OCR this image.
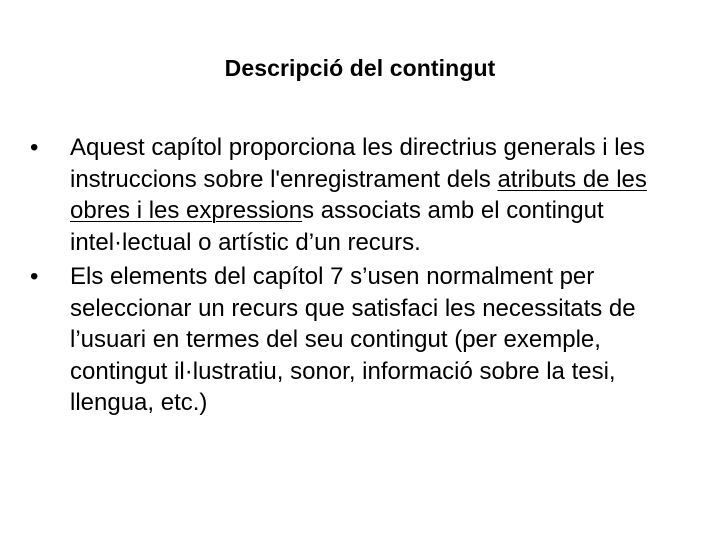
Descripció del contingut
•	Aquest capítol proporciona les directrius generals i les instruccions sobre l'enregistrament dels atributs de les obres i les expressions associats amb el contingut intel·lectual o artístic d’un recurs.
•	Els elements del capítol 7 s’usen normalment per seleccionar un recurs que satisfaci les necessitats de l’usuari en termes del seu contingut (per exemple, contingut il·lustratiu, sonor, informació sobre la tesi, llengua, etc.)
